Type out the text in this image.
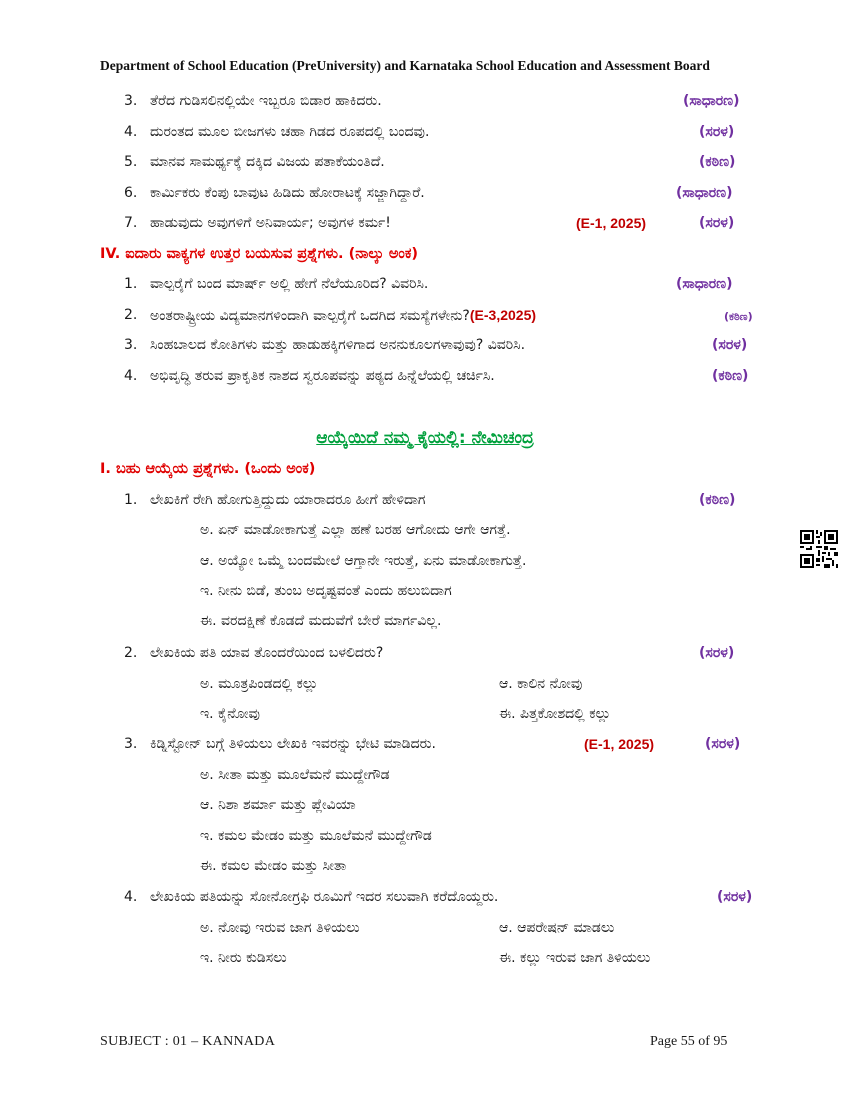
Department of School Education (PreUniversity) and Karnataka School Education and Assessment Board
3. ತೆರೆದ ಗುಡಿಸಲಿನಲ್ಲಿಯೇ ಇಬ್ಬರೂ ಬಿಡಾರ ಹಾಕಿದರು.	(ಸಾಧಾರಣ)
4. ದುರಂತದ ಮೂಲ ಬೀಜಗಳು ಚಹಾ ಗಿಡದ ರೂಪದಲ್ಲಿ ಬಂದವು.	(ಸರಳ)
5. ಮಾನವ ಸಾಮರ್ಥ್ಯಕ್ಕೆ ದಕ್ಕಿದ ವಿಜಯ ಪತಾಕೆಯಂತಿದೆ.	(ಕಠಿಣ)
6. ಕಾರ್ಮಿಕರು ಕೆಂಪು ಬಾವುಟ ಹಿಡಿದು ಹೋರಾಟಕ್ಕೆ ಸಜ್ಜಾಗಿದ್ದಾರೆ.	(ಸಾಧಾರಣ)
7. ಹಾಡುವುದು ಅವುಗಳಿಗೆ ಅನಿವಾರ್ಯ; ಅವುಗಳ ಕರ್ಮ!	(E-1, 2025)	(ಸರಳ)
IV. ಐದಾರು ವಾಕ್ಯಗಳ ಉತ್ತರ ಬಯಸುವ ಪ್ರಶ್ನೆಗಳು. (ನಾಲ್ಕು ಅಂಕ)
1. ವಾಲ್ಪರೈಗೆ ಬಂದ ಮಾರ್ಷ್ ಅಲ್ಲಿ ಹೇಗೆ ನೆಲೆಯೂರಿದ? ವಿವರಿಸಿ.	(ಸಾಧಾರಣ)
2. ಅಂತರಾಷ್ಟ್ರೀಯ ವಿದ್ಯಮಾನಗಳಿಂದಾಗಿ ವಾಲ್ಪರೈಗೆ ಒದಗಿದ ಸಮಸ್ಯೆಗಳೇನು?(E-3,2025)	(ಕಠಿಣ)
3. ಸಿಂಹಬಾಲದ ಕೋತಿಗಳು ಮತ್ತು ಹಾಡುಹಕ್ಕಿಗಳಿಗಾದ ಅನನುಕೂಲಗಳಾವುವು? ವಿವರಿಸಿ.	(ಸರಳ)
4. ಅಭಿವೃದ್ಧಿ ತರುವ ಪ್ರಾಕೃತಿಕ ನಾಶದ ಸ್ವರೂಪವನ್ನು ಪಠ್ಯದ ಹಿನ್ನೆಲೆಯಲ್ಲಿ ಚರ್ಚಿಸಿ.	(ಕಠಿಣ)
ಆಯ್ಕೆಯಿದೆ ನಮ್ಮ ಕೈಯಲ್ಲಿ: ನೇಮಿಚಂದ್ರ
I. ಬಹು ಆಯ್ಕೆಯ ಪ್ರಶ್ನೆಗಳು. (ಒಂದು ಅಂಕ)
1. ಲೇಖಕಿಗೆ ರೇಗಿ ಹೋಗುತ್ತಿದ್ದುದು ಯಾರಾದರೂ ಹೀಗೆ ಹೇಳಿದಾಗ	(ಕಠಿಣ)
ಅ. ಏನ್ ಮಾಡೋಕಾಗುತ್ತೆ ಎಲ್ಲಾ ಹಣೆ ಬರಹ ಆಗೋದು ಆಗೇ ಆಗತ್ತೆ.
ಆ. ಅಯ್ಯೋ ಒಮ್ಮೆ ಬಂದಮೇಲೆ ಆಗ್ತಾನೇ ಇರುತ್ತೆ, ಏನು ಮಾಡೋಕಾಗುತ್ತೆ.
ಇ. ನೀನು ಬಿಡೆ, ತುಂಬ ಅದೃಷ್ಟವಂತೆ ಎಂದು ಹಲುಬಿದಾಗ
ಈ. ವರದಕ್ಷಿಣೆ ಕೊಡದೆ ಮದುವೆಗೆ ಬೇರೆ ಮಾರ್ಗವಿಲ್ಲ.
2. ಲೇಖಕಿಯ ಪತಿ ಯಾವ ತೊಂದರೆಯಿಂದ ಬಳಲಿದರು?	(ಸರಳ)
ಅ. ಮೂತ್ರಪಿಂಡದಲ್ಲಿ ಕಲ್ಲು	ಆ. ಕಾಲಿನ ನೋವು
ಇ. ಕೈನೋವು	ಈ. ಪಿತ್ತಕೋಶದಲ್ಲಿ ಕಲ್ಲು
3. ಕಿಡ್ನಿಸ್ಟೋನ್ ಬಗ್ಗೆ ತಿಳಿಯಲು ಲೇಖಕಿ ಇವರನ್ನು ಭೇಟಿ ಮಾಡಿದರು.	(E-1, 2025)	(ಸರಳ)
ಅ. ಸೀತಾ ಮತ್ತು ಮೂಲೆಮನೆ ಮುದ್ದೇಗೌಡ
ಆ. ನಿಶಾ ಶರ್ಮಾ ಮತ್ತು ಪ್ಲೇವಿಯಾ
ಇ. ಕಮಲ ಮೇಡಂ ಮತ್ತು ಮೂಲೆಮನೆ ಮುದ್ದೇಗೌಡ
ಈ. ಕಮಲ ಮೇಡಂ ಮತ್ತು ಸೀತಾ
4. ಲೇಖಕಿಯ ಪತಿಯನ್ನು ಸೋನೋಗ್ರಫಿ ರೂಮಿಗೆ ಇದರ ಸಲುವಾಗಿ ಕರೆದೊಯ್ದರು.	(ಸರಳ)
ಅ. ನೋವು ಇರುವ ಜಾಗ ತಿಳಿಯಲು	ಆ. ಆಪರೇಷನ್ ಮಾಡಲು
ಇ. ನೀರು ಕುಡಿಸಲು	ಈ. ಕಲ್ಲು ಇರುವ ಜಾಗ ತಿಳಿಯಲು
SUBJECT : 01 – KANNADA	Page 55 of 95
